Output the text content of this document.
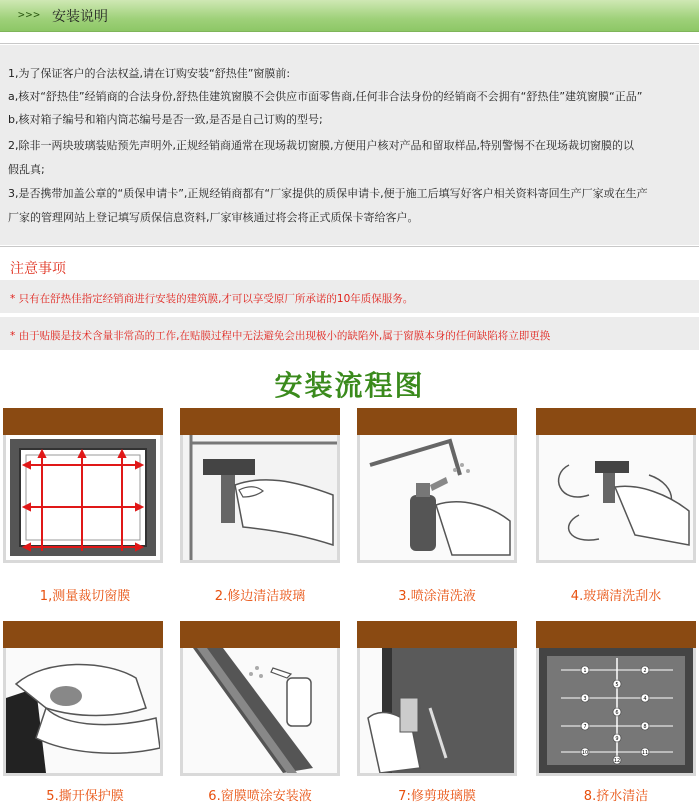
>>> 安装说明

1,为了保证客户的合法权益,请在订购安装“舒热佳”窗膜前:

a,核对“舒热佳”经销商的合法身份,舒热佳建筑窗膜不会供应市面零售商,任何非合法身份的经销商不会拥有“舒热佳”建筑窗膜“正品”

b,核对箱子编号和箱内筒芯编号是否一致,是否是自己订购的型号;

2,除非一两块玻璃装贴预先声明外,正规经销商通常在现场裁切窗膜,方便用户核对产品和留取样品,特别警惕不在现场裁切窗膜的以

假乱真;

3,是否携带加盖公章的“质保申请卡”,正规经销商都有“厂家提供的质保申请卡,便于施工后填写好客户相关资料寄回生产厂家或在生产

厂家的管理网站上登记填写质保信息资料,厂家审核通过将会将正式质保卡寄给客户。

注意事项
* 只有在舒热佳指定经销商进行安装的建筑膜,才可以享受原厂所承诺的10年质保服务。
* 由于贴膜是技术含量非常高的工作,在贴膜过程中无法避免会出现极小的缺陷外,属于窗膜本身的任何缺陷将立即更换
安装流程图
1,测量裁切窗膜	2.修边清洁玻璃	3.喷涂清洗液	4.玻璃清洗刮水
1	2
3	4
5
6
7	8
9
10	11
12
5.撕开保护膜	6.窗膜喷涂安装液	7:修剪玻璃膜	8.挤水清洁
